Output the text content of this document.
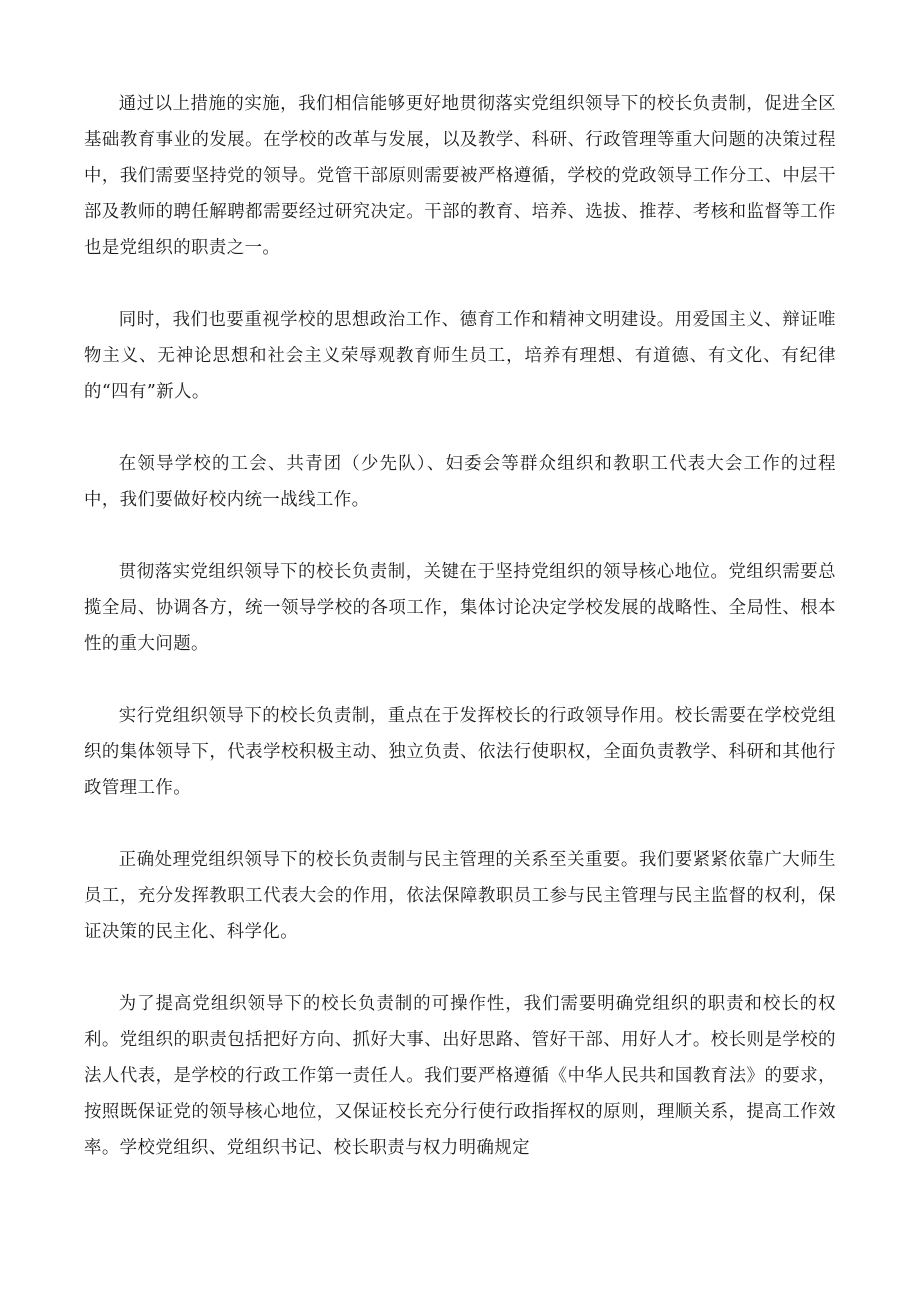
通过以上措施的实施，我们相信能够更好地贯彻落实党组织领导下的校长负责制，促进全区基础教育事业的发展。在学校的改革与发展，以及教学、科研、行政管理等重大问题的决策过程中，我们需要坚持党的领导。党管干部原则需要被严格遵循，学校的党政领导工作分工、中层干部及教师的聘任解聘都需要经过研究决定。干部的教育、培养、选拔、推荐、考核和监督等工作也是党组织的职责之一。

同时，我们也要重视学校的思想政治工作、德育工作和精神文明建设。用爱国主义、辩证唯物主义、无神论思想和社会主义荣辱观教育师生员工，培养有理想、有道德、有文化、有纪律的“四有”新人。

在领导学校的工会、共青团（少先队）、妇委会等群众组织和教职工代表大会工作的过程中，我们要做好校内统一战线工作。

贯彻落实党组织领导下的校长负责制，关键在于坚持党组织的领导核心地位。党组织需要总揽全局、协调各方，统一领导学校的各项工作，集体讨论决定学校发展的战略性、全局性、根本性的重大问题。

实行党组织领导下的校长负责制，重点在于发挥校长的行政领导作用。校长需要在学校党组织的集体领导下，代表学校积极主动、独立负责、依法行使职权，全面负责教学、科研和其他行政管理工作。

正确处理党组织领导下的校长负责制与民主管理的关系至关重要。我们要紧紧依靠广大师生员工，充分发挥教职工代表大会的作用，依法保障教职员工参与民主管理与民主监督的权利，保证决策的民主化、科学化。

为了提高党组织领导下的校长负责制的可操作性，我们需要明确党组织的职责和校长的权利。党组织的职责包括把好方向、抓好大事、出好思路、管好干部、用好人才。校长则是学校的法人代表，是学校的行政工作第一责任人。我们要严格遵循《中华人民共和国教育法》的要求，按照既保证党的领导核心地位，又保证校长充分行使行政指挥权的原则，理顺关系，提高工作效率。学校党组织、党组织书记、校长职责与权力明确规定
